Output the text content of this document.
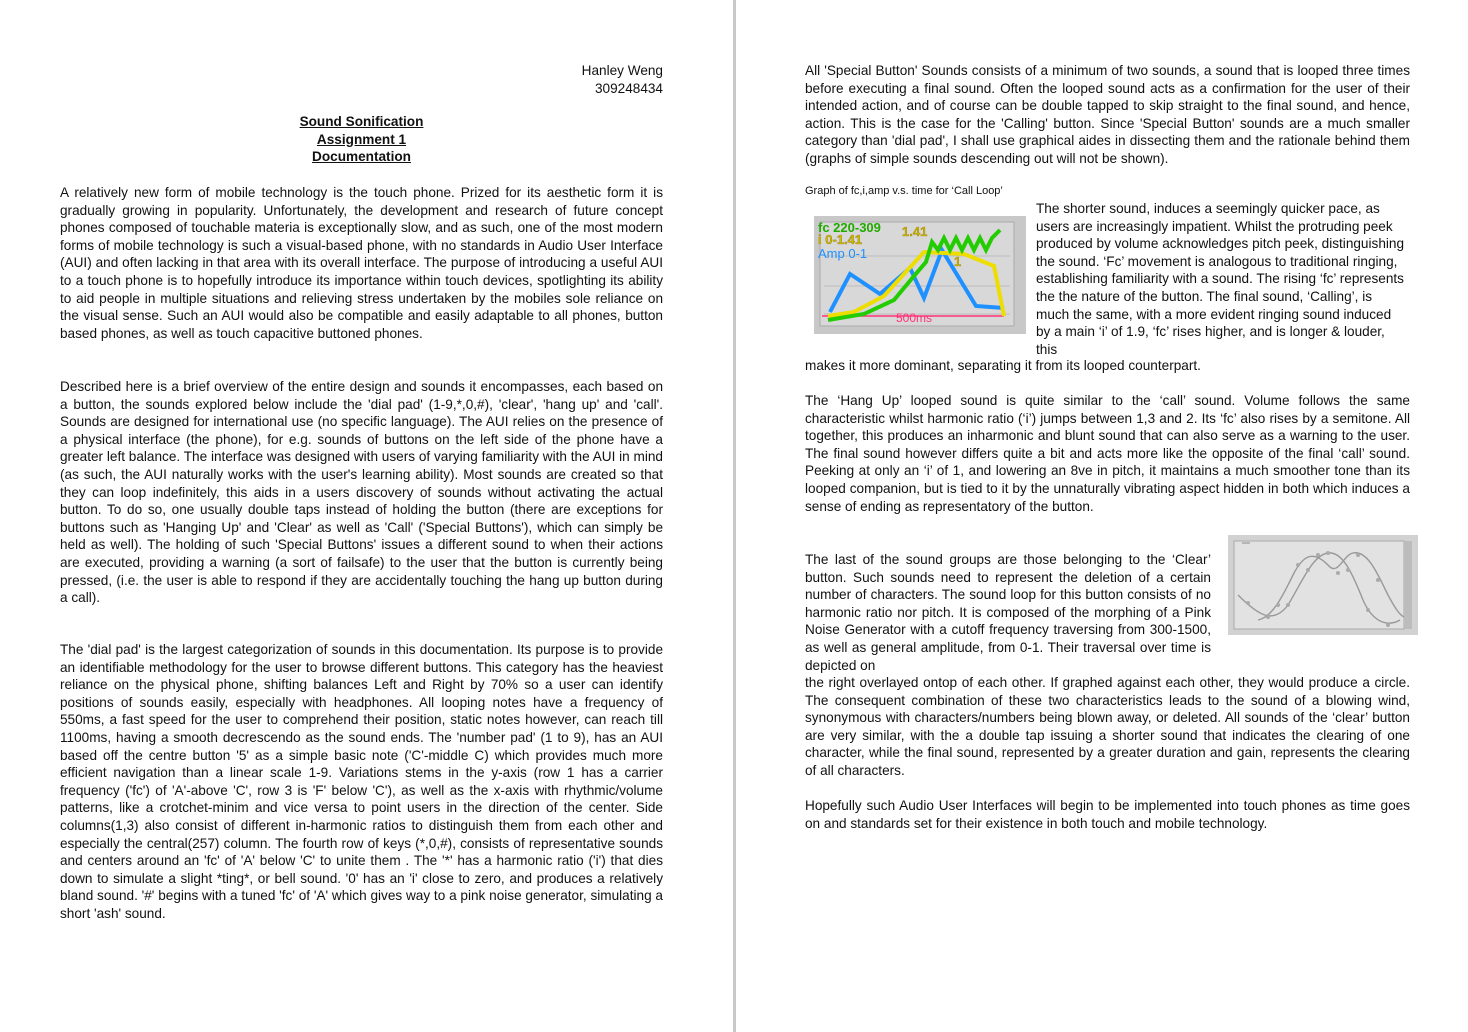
Hanley Weng
309248434
Sound Sonification
Assignment 1
Documentation

A relatively new form of mobile technology is the touch phone. Prized for its aesthetic form it is gradually growing in popularity. Unfortunately, the development and research of future concept phones composed of touchable materia is exceptionally slow, and as such, one of the most modern forms of mobile technology is such a visual-based phone, with no standards in Audio User Interface (AUI) and often lacking in that area with its overall interface. The purpose of introducing a useful AUI to a touch phone is to hopefully introduce its importance within touch devices, spotlighting its ability to aid people in multiple situations and relieving stress undertaken by the mobiles sole reliance on the visual sense. Such an AUI would also be compatible and easily adaptable to all phones, button based phones, as well as touch capacitive buttoned phones.

Described here is a brief overview of the entire design and sounds it encompasses, each based on a button, the sounds explored below include the 'dial pad' (1-9,*,0,#), 'clear', 'hang up' and 'call'. Sounds are designed for international use (no specific language). The AUI relies on the presence of a physical interface (the phone), for e.g. sounds of buttons on the left side of the phone have a greater left balance. The interface was designed with users of varying familiarity with the AUI in mind (as such, the AUI naturally works with the user's learning ability). Most sounds are created so that they can loop indefinitely, this aids in a users discovery of sounds without activating the actual button. To do so, one usually double taps instead of holding the button (there are exceptions for buttons such as 'Hanging Up' and 'Clear' as well as 'Call' ('Special Buttons'), which can simply be held as well). The holding of such 'Special Buttons' issues a different sound to when their actions are executed, providing a warning (a sort of failsafe) to the user that the button is currently being pressed, (i.e. the user is able to respond if they are accidentally touching the hang up button during a call).

The 'dial pad' is the largest categorization of sounds in this documentation. Its purpose is to provide an identifiable methodology for the user to browse different buttons. This category has the heaviest reliance on the physical phone, shifting balances Left and Right by 70% so a user can identify positions of sounds easily, especially with headphones. All looping notes have a frequency of 550ms, a fast speed for the user to comprehend their position, static notes however, can reach till 1100ms, having a smooth decrescendo as the sound ends. The 'number pad' (1 to 9), has an AUI based off the centre button '5' as a simple basic note ('C'-middle C) which provides much more efficient navigation than a linear scale 1-9. Variations stems in the y-axis (row 1 has a carrier frequency ('fc') of 'A'-above 'C', row 3 is 'F' below 'C'), as well as the x-axis with rhythmic/volume patterns, like a crotchet-minim and vice versa to point users in the direction of the center. Side columns(1,3) also consist of different in-harmonic ratios to distinguish them from each other and especially the central(257) column. The fourth row of keys (*,0,#), consists of representative sounds and centers around an 'fc' of 'A' below 'C' to unite them . The '*' has a harmonic ratio ('i') that dies down to simulate a slight *ting*, or bell sound. '0' has an 'i' close to zero, and produces a relatively bland sound. '#' begins with a tuned 'fc' of 'A' which gives way to a pink noise generator, simulating a short 'ash' sound.

All 'Special Button' Sounds consists of a minimum of two sounds, a sound that is looped three times before executing a final sound. Often the looped sound acts as a confirmation for the user of their intended action, and of course can be double tapped to skip straight to the final sound, and hence, action. This is the case for the 'Calling' button. Since 'Special Button' sounds are a much smaller category than 'dial pad', I shall use graphical aides in dissecting them and the rationale behind them (graphs of simple sounds descending out will not be shown).

Graph of fc,i,amp v.s. time for ‘Call Loop’
fc 220-309
i 0-1.41
Amp 0-1
1.41
1
500ms

The shorter sound, induces a seemingly quicker pace, as users are increasingly impatient. Whilst the protruding peek produced by volume acknowledges pitch peek, distinguishing the sound. ‘Fc’ movement is analogous to traditional ringing, establishing familiarity with a sound. The rising ‘fc’ represents the the nature of the button. The final sound, ‘Calling’, is much the same, with a more evident ringing sound induced by a main ‘i’ of 1.9, ‘fc’ rises higher, and is longer & louder, this

makes it more dominant, separating it from its looped counterpart.

The ‘Hang Up’ looped sound is quite similar to the ‘call’ sound. Volume follows the same characteristic whilst harmonic ratio (‘i’) jumps between 1,3 and 2. Its ‘fc’ also rises by a semitone. All together, this produces an inharmonic and blunt sound that can also serve as a warning to the user. The final sound however differs quite a bit and acts more like the opposite of the final ‘call’ sound. Peeking at only an ‘i’ of 1, and lowering an 8ve in pitch, it maintains a much smoother tone than its looped companion, but is tied to it by the unnaturally vibrating aspect hidden in both which induces a sense of ending as representatory of the button.

The last of the sound groups are those belonging to the ‘Clear’ button. Such sounds need to represent the deletion of a certain number of characters. The sound loop for this button consists of no harmonic ratio nor pitch. It is composed of the morphing of a Pink Noise Generator with a cutoff frequency traversing from 300-1500, as well as general amplitude, from 0-1. Their traversal over time is depicted on

the right overlayed ontop of each other. If graphed against each other, they would produce a circle. The consequent combination of these two characteristics leads to the sound of a blowing wind, synonymous with characters/numbers being blown away, or deleted. All sounds of the ‘clear’ button are very similar, with the a double tap issuing a shorter sound that indicates the clearing of one character, while the final sound, represented by a greater duration and gain, represents the clearing of all characters.

Hopefully such Audio User Interfaces will begin to be implemented into touch phones as time goes on and standards set for their existence in both touch and mobile technology.
